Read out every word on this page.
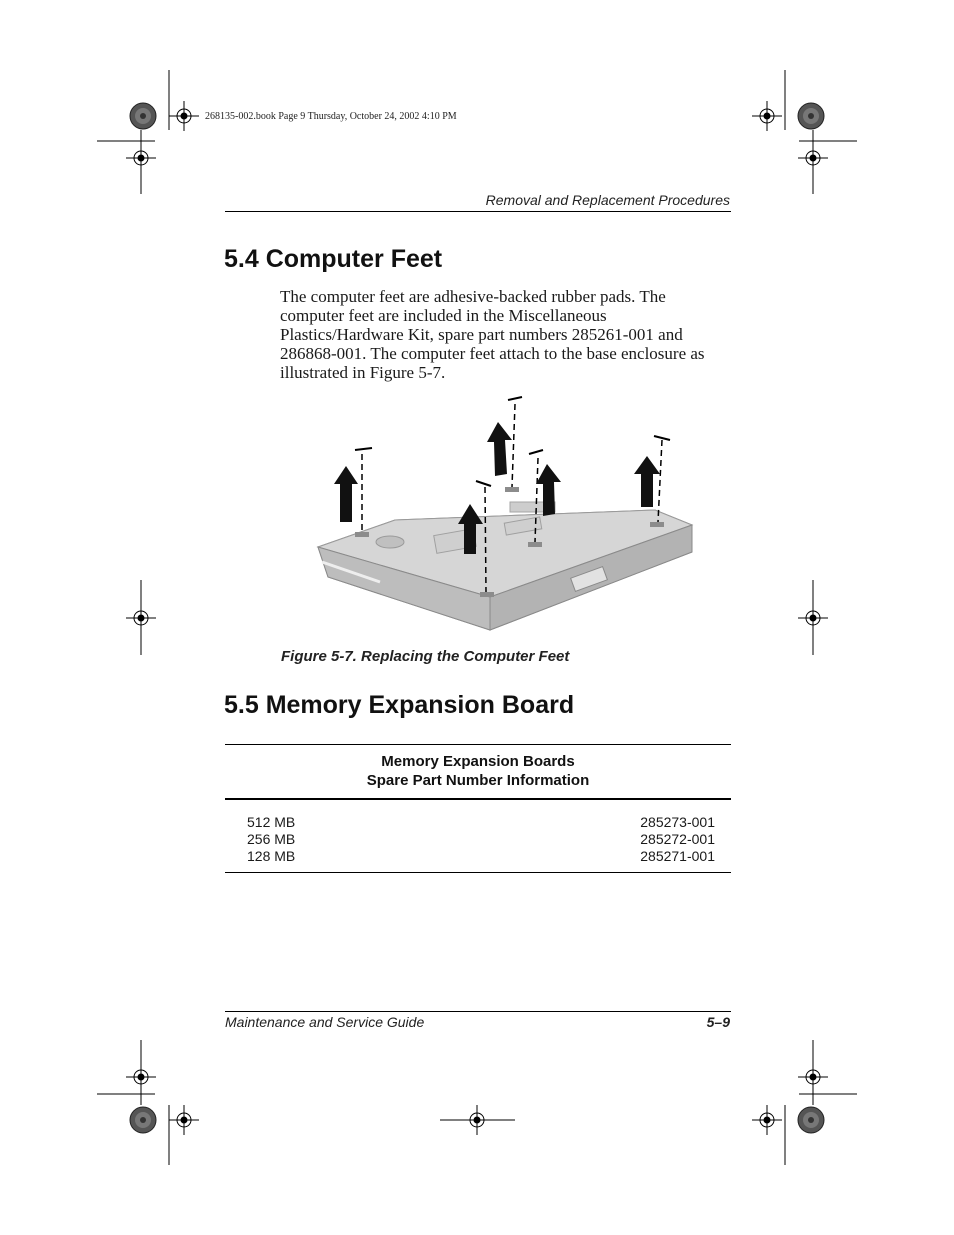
268135-002.book Page 9 Thursday, October 24, 2002 4:10 PM
Removal and Replacement Procedures
5.4 Computer Feet
The computer feet are adhesive-backed rubber pads. The computer feet are included in the Miscellaneous Plastics/Hardware Kit, spare part numbers 285261-001 and 286868-001. The computer feet attach to the base enclosure as illustrated in Figure 5-7.
Figure 5-7. Replacing the Computer Feet
5.5 Memory Expansion Board
Memory Expansion Boards
Spare Part Number Information
512 MB	285273-001
256 MB	285272-001
128 MB	285271-001
Maintenance and Service Guide	5–9
